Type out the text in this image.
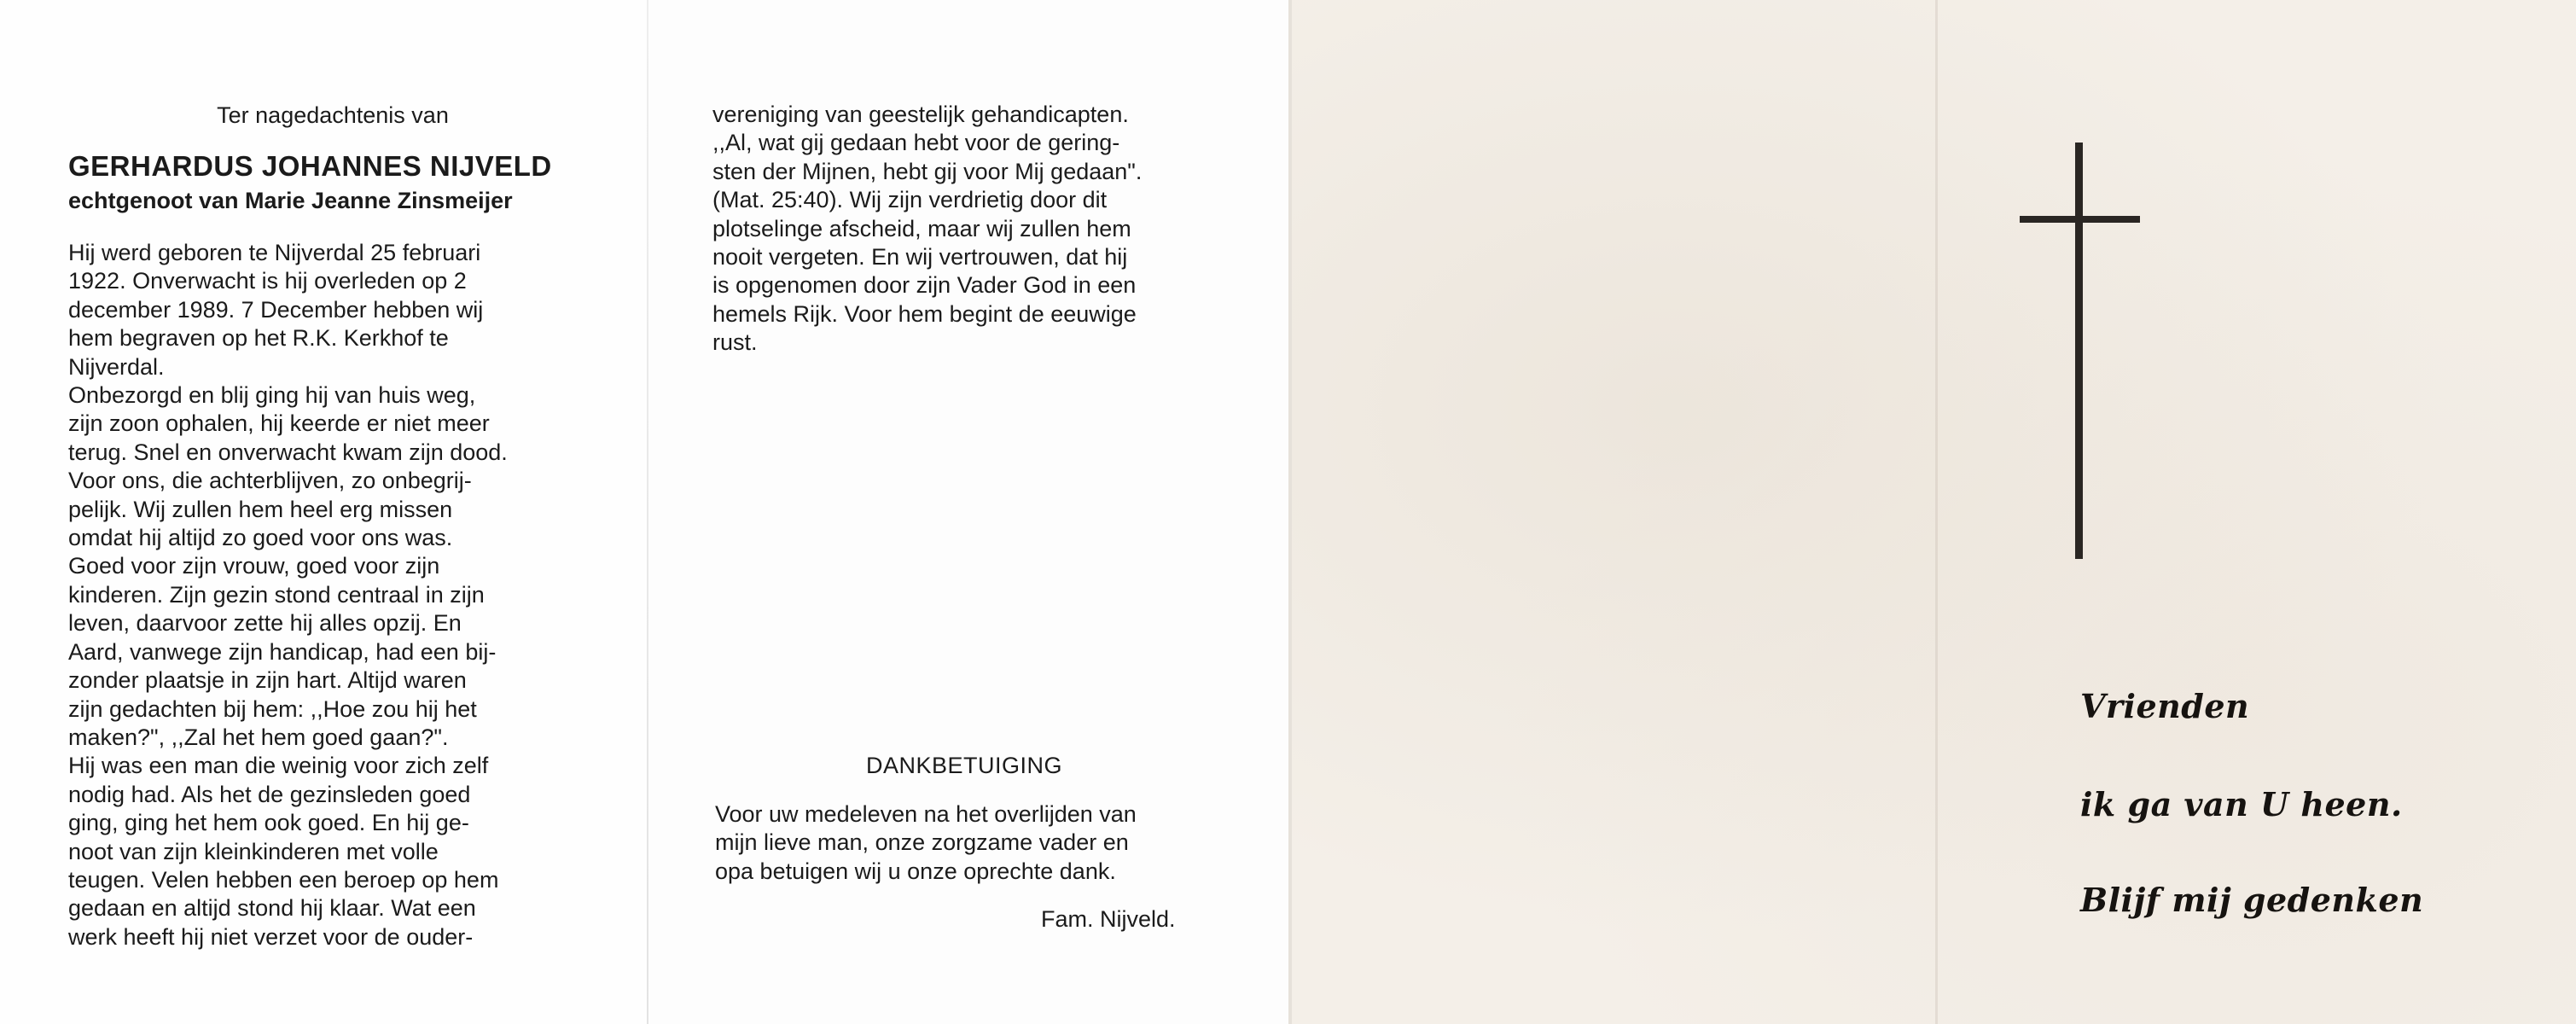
Ter nagedachtenis van
GERHARDUS JOHANNES NIJVELD
echtgenoot van Marie Jeanne Zinsmeijer
Hij werd geboren te Nijverdal 25 februari
1922. Onverwacht is hij overleden op 2
december 1989. 7 December hebben wij
hem begraven op het R.K. Kerkhof te
Nijverdal.
Onbezorgd en blij ging hij van huis weg,
zijn zoon ophalen, hij keerde er niet meer
terug. Snel en onverwacht kwam zijn dood.
Voor ons, die achterblijven, zo onbegrij-
pelijk. Wij zullen hem heel erg missen
omdat hij altijd zo goed voor ons was.
Goed voor zijn vrouw, goed voor zijn
kinderen. Zijn gezin stond centraal in zijn
leven, daarvoor zette hij alles opzij. En
Aard, vanwege zijn handicap, had een bij-
zonder plaatsje in zijn hart. Altijd waren
zijn gedachten bij hem: ,,Hoe zou hij het
maken?", ,,Zal het hem goed gaan?".
Hij was een man die weinig voor zich zelf
nodig had. Als het de gezinsleden goed
ging, ging het hem ook goed. En hij ge-
noot van zijn kleinkinderen met volle
teugen. Velen hebben een beroep op hem
gedaan en altijd stond hij klaar. Wat een
werk heeft hij niet verzet voor de ouder-
vereniging van geestelijk gehandicapten.
,,Al, wat gij gedaan hebt voor de gering-
sten der Mijnen, hebt gij voor Mij gedaan".
(Mat. 25:40). Wij zijn verdrietig door dit
plotselinge afscheid, maar wij zullen hem
nooit vergeten. En wij vertrouwen, dat hij
is opgenomen door zijn Vader God in een
hemels Rijk. Voor hem begint de eeuwige
rust.
DANKBETUIGING
Voor uw medeleven na het overlijden van
mijn lieve man, onze zorgzame vader en
opa betuigen wij u onze oprechte dank.
Fam. Nijveld.
Vrienden
ik ga van U heen.
Blijf mij gedenken
